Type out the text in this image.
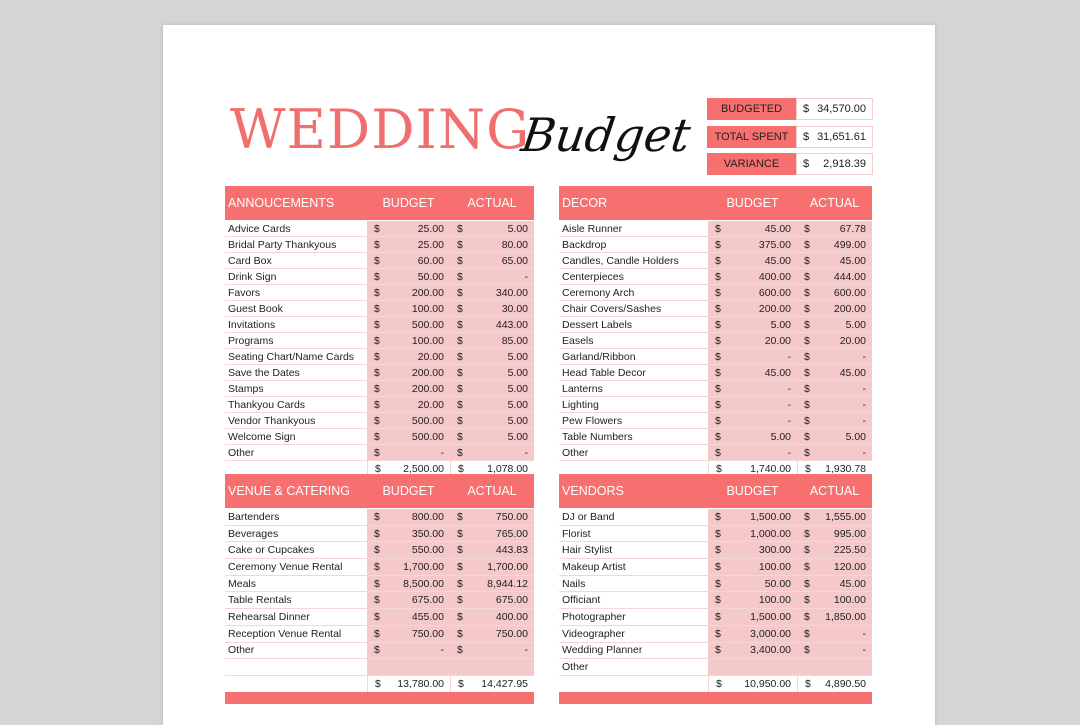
WEDDING
Budget	BUDGETED	$ 34,570.00
TOTAL SPENT	$ 31,651.61
VARIANCE	$ 2,918.39
ANNOUCEMENTS	BUDGET	ACTUAL
Advice Cards	$	25.00 $	5.00
Bridal Party Thankyous	$	25.00 $	80.00
Card Box	$	60.00 $	65.00
Drink Sign	$	50.00 $	-
Favors	$	200.00 $	340.00
Guest Book	$	100.00 $	30.00
Invitations	$	500.00 $	443.00
Programs	$	100.00 $	85.00
Seating Chart/Name Cards	$	20.00 $	5.00
Save the Dates	$	200.00 $	5.00
Stamps	$	200.00 $	5.00
Thankyou Cards	$	20.00 $	5.00
Vendor Thankyous	$	500.00 $	5.00
Welcome Sign	$	500.00 $	5.00
Other	$	- $	-
$ 2,500.00 $ 1,078.00
DECOR	BUDGET	ACTUAL
Aisle Runner	$	45.00 $	67.78
Backdrop	$	375.00 $ 499.00
Candles, Candle Holders	$	45.00 $	45.00
Centerpieces	$	400.00 $ 444.00
Ceremony Arch	$	600.00 $ 600.00
Chair Covers/Sashes	$	200.00 $ 200.00
Dessert Labels	$	5.00 $	5.00
Easels	$	20.00 $	20.00
Garland/Ribbon	$	- $	-
Head Table Decor	$	45.00 $	45.00
Lanterns	$	- $	-
Lighting	$	- $	-
Pew Flowers	$	- $	-
Table Numbers	$	5.00 $	5.00
Other	$	- $	-
$	1,740.00 $ 1,930.78
VENUE & CATERING	BUDGET	ACTUAL
Bartenders	$	800.00 $	750.00
Beverages	$	350.00 $	765.00
Cake or Cupcakes	$	550.00 $	443.83
Ceremony Venue Rental	$ 1,700.00 $ 1,700.00
Meals	$ 8,500.00 $ 8,944.12
Table Rentals	$	675.00 $	675.00
Rehearsal Dinner	$	455.00 $	400.00
Reception Venue Rental	$	750.00 $	750.00
Other	$	- $	-
$ 13,780.00 $ 14,427.95
VENDORS	BUDGET	ACTUAL
DJ or Band	$	1,500.00 $ 1,555.00
Florist	$	1,000.00 $ 995.00
Hair Stylist	$	300.00 $ 225.50
Makeup Artist	$	100.00 $ 120.00
Nails	$	50.00 $	45.00
Officiant	$	100.00 $ 100.00
Photographer	$	1,500.00 $ 1,850.00
Videographer	$	3,000.00 $	-
Wedding Planner	$	3,400.00 $	-
Other
$ 10,950.00 $ 4,890.50
